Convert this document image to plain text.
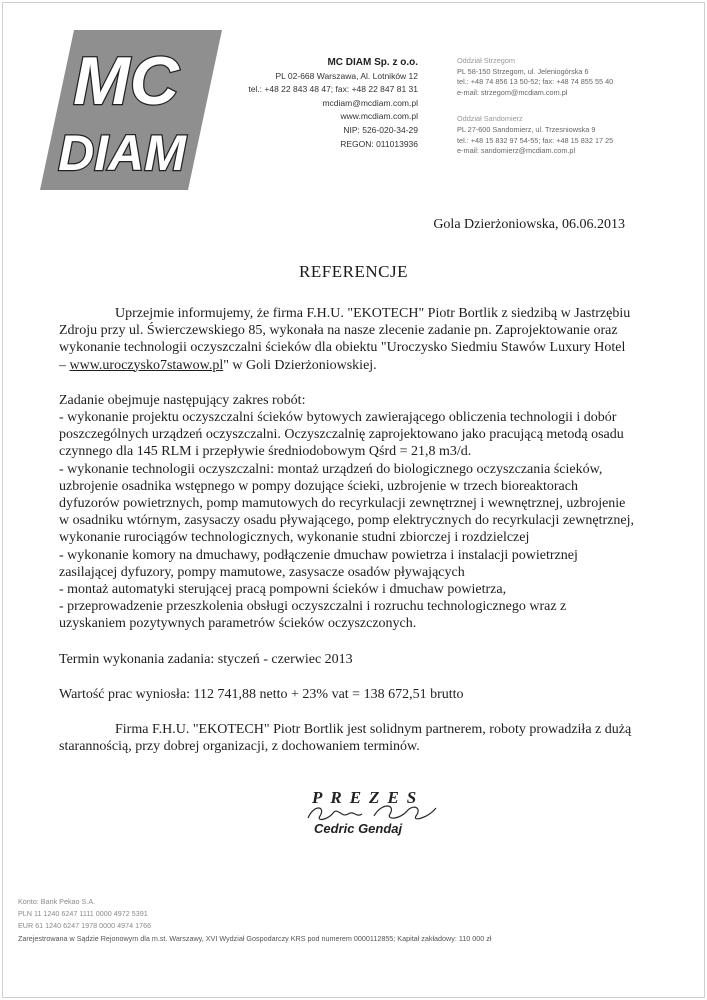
MC
DIAM
MC DIAM Sp. z o.o.
PL 02-668 Warszawa, Al. Lotników 12
tel.: +48 22 843 48 47; fax: +48 22 847 81 31
mcdiam@mcdiam.com.pl
www.mcdiam.com.pl
NIP: 526-020-34-29
REGON: 011013936
Oddział Strzegom
PL 58-150 Strzegom, ul. Jeleniogórska 6
tel.: +48 74 856 13 50-52; fax: +48 74 855 55 40
e-mail: strzegom@mcdiam.com.pl
Oddział Sandomierz
PL 27-600 Sandomierz, ul. Trzesniowska 9
tel.: +48 15 832 97 54-55; fax: +48 15 832 17 25
e-mail: sandomierz@mcdiam.com.pl
Gola Dzierżoniowska, 06.06.2013
REFERENCJE

Uprzejmie informujemy, że firma F.H.U. "EKOTECH" Piotr Bortlik z siedzibą w Jastrzębiu Zdroju przy ul. Świerczewskiego 85, wykonała na nasze zlecenie zadanie pn. Zaprojektowanie oraz wykonanie technologii oczyszczalni ścieków dla obiektu "Uroczysko Siedmiu Stawów Luxury Hotel – www.uroczysko7stawow.pl" w Goli Dzierżoniowskiej.

Zadanie obejmuje następujący zakres robót:

- wykonanie projektu oczyszczalni ścieków bytowych zawierającego obliczenia technologii i dobór poszczególnych urządzeń oczyszczalni. Oczyszczalnię zaprojektowano jako pracującą metodą osadu czynnego dla 145 RLM i przepływie średniodobowym Qśrd = 21,8 m3/d.

- wykonanie technologii oczyszczalni: montaż urządzeń do biologicznego oczyszczania ścieków, uzbrojenie osadnika wstępnego w pompy dozujące ścieki, uzbrojenie w trzech bioreaktorach dyfuzorów powietrznych, pomp mamutowych do recyrkulacji zewnętrznej i wewnętrznej, uzbrojenie w osadniku wtórnym, zasysaczy osadu pływającego, pomp elektrycznych do recyrkulacji zewnętrznej, wykonanie rurociągów technologicznych, wykonanie studni zbiorczej i rozdzielczej

- wykonanie komory na dmuchawy, podłączenie dmuchaw powietrza i instalacji powietrznej zasilającej dyfuzory, pompy mamutowe, zasysacze osadów pływających

- montaż automatyki sterującej pracą pompowni ścieków i dmuchaw powietrza,

- przeprowadzenie przeszkolenia obsługi oczyszczalni i rozruchu technologicznego wraz z uzyskaniem pozytywnych parametrów ścieków oczyszczonych.

Termin wykonania zadania: styczeń - czerwiec 2013

Wartość prac wyniosła: 112 741,88 netto + 23% vat = 138 672,51 brutto

Firma F.H.U. "EKOTECH" Piotr Bortlik jest solidnym partnerem, roboty prowadziła z dużą starannością, przy dobrej organizacji, z dochowaniem terminów.

PREZES
Cedric Gendaj
Konto: Bank Pekao S.A.
PLN 11 1240 6247 1111 0000 4972 5391
EUR 61 1240 6247 1978 0000 4974 1766
Zarejestrowana w Sądzie Rejonowym dla m.st. Warszawy, XVI Wydział Gospodarczy KRS pod numerem 0000112855; Kapitał zakładowy: 110 000 zł
